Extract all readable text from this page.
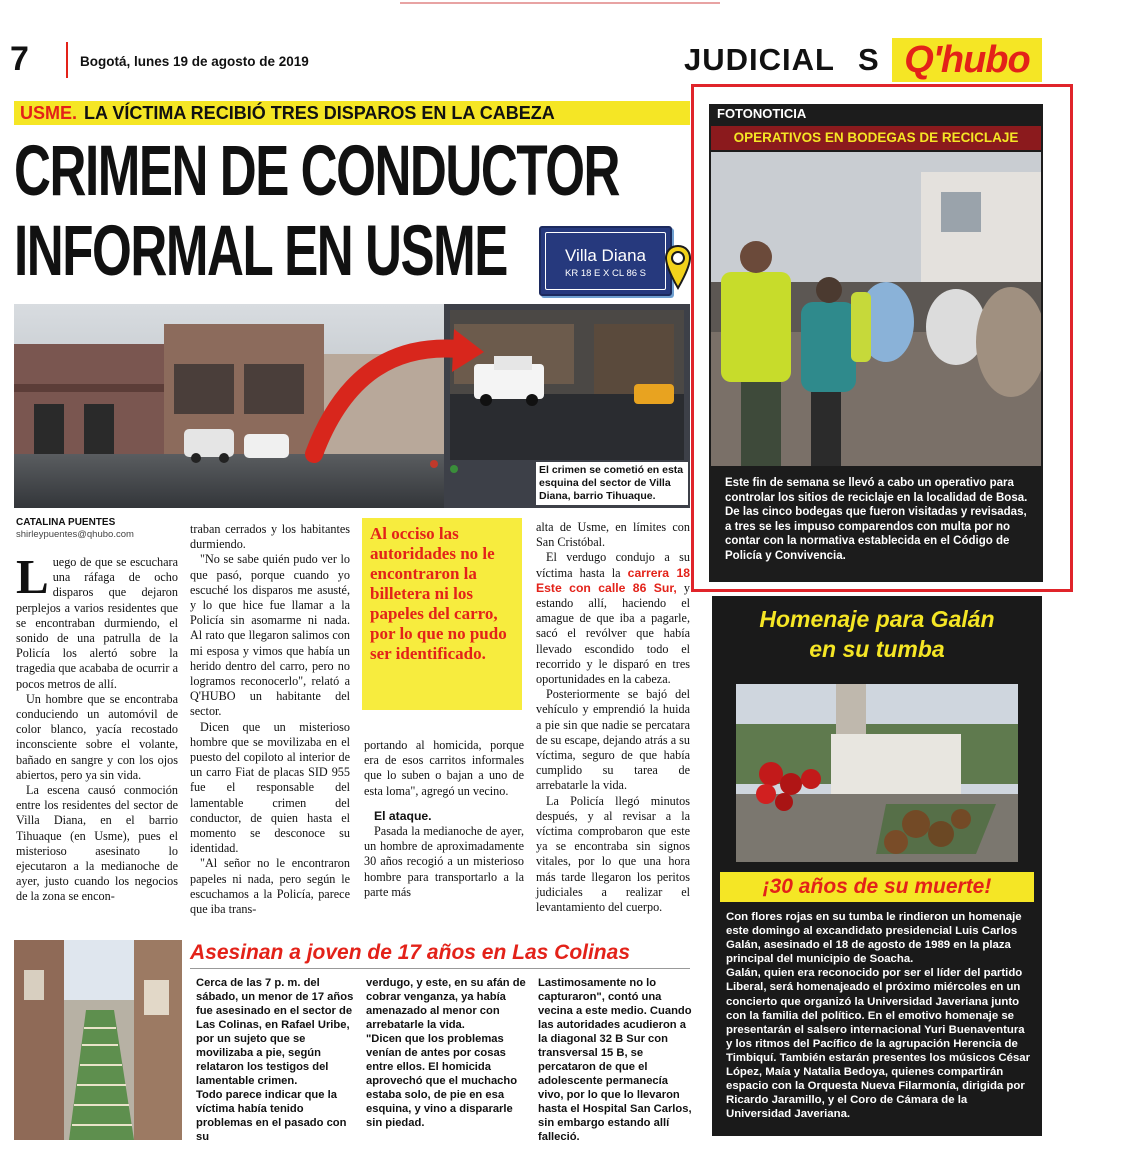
7	Bogotá, lunes 19 de agosto de 2019	JUDICIAL S Q'hubo
USME. LA VÍCTIMA RECIBIÓ TRES DISPAROS EN LA CABEZA
CRIMEN DE CONDUCTOR
INFORMAL EN USME	Villa Diana
KR 18 E X CL 86 S
El crimen se cometió en esta esquina del sector de Villa Diana, barrio Tihuaque.
CATALINA PUENTES
shirleypuentes@qhubo.com
L uego de que se escuchara una ráfaga de ocho disparos que dejaron perplejos a varios residentes que se encontraban durmiendo, el sonido de una patrulla de la Policía los alertó sobre la tragedia que acababa de ocurrir a pocos metros de allí.

Un hombre que se encontraba conduciendo un automóvil de color blanco, yacía recostado inconsciente sobre el volante, bañado en sangre y con los ojos abiertos, pero ya sin vida.

La escena causó conmoción entre los residentes del sector de Villa Diana, en el barrio Tihuaque (en Usme), pues el misterioso asesinato lo ejecutaron a la medianoche de ayer, justo cuando los negocios de la zona se encon-

traban cerrados y los habitantes durmiendo.

"No se sabe quién pudo ver lo que pasó, porque cuando yo escuché los disparos me asusté, y lo que hice fue llamar a la Policía sin asomarme ni nada. Al rato que llegaron salimos con mi esposa y vimos que había un herido dentro del carro, pero no logramos reconocerlo", relató a Q'HUBO un habitante del sector.

Dicen que un misterioso hombre que se movilizaba en el puesto del copiloto al interior de un carro Fiat de placas SID 955 fue el responsable del lamentable crimen del conductor, de quien hasta el momento se desconoce su identidad.

"Al señor no le encontraron papeles ni nada, pero según le escuchamos a la Policía, parece que iba trans-

Al occiso las autoridades no le encontraron la billetera ni los papeles del carro, por lo que no pudo ser identificado.

portando al homicida, porque era de esos carritos informales que lo suben o bajan a uno de esta loma", agregó un vecino.

El ataque.

Pasada la medianoche de ayer, un hombre de aproximadamente 30 años recogió a un misterioso hombre para transportarlo a la parte más

alta de Usme, en límites con San Cristóbal.

El verdugo condujo a su víctima hasta la carrera 18 Este con calle 86 Sur, y estando allí, haciendo el amague de que iba a pagarle, sacó el revólver que había llevado escondido todo el recorrido y le disparó en tres oportunidades en la cabeza.

Posteriormente se bajó del vehículo y emprendió la huida a pie sin que nadie se percatara de su escape, dejando atrás a su víctima, seguro de que había cumplido su tarea de arrebatarle la vida.

La Policía llegó minutos después, y al revisar a la víctima comprobaron que este ya se encontraba sin signos vitales, por lo que una hora más tarde llegaron los peritos judiciales a realizar el levantamiento del cuerpo.

FOTONOTICIA
OPERATIVOS EN BODEGAS DE RECICLAJE
Este fin de semana se llevó a cabo un operativo para controlar los sitios de reciclaje en la localidad de Bosa. De las cinco bodegas que fueron visitadas y revisadas, a tres se les impuso comparendos con multa por no contar con la normativa establecida en el Código de Policía y Convivencia.
Homenaje para Galán
en su tumba
¡30 años de su muerte!

Con flores rojas en su tumba le rindieron un homenaje este domingo al excandidato presidencial Luis Carlos Galán, asesinado el 18 de agosto de 1989 en la plaza principal del municipio de Soacha.

Galán, quien era reconocido por ser el líder del partido Liberal, será homenajeado el próximo miércoles en un concierto que organizó la Universidad Javeriana junto con la familia del político. En el emotivo homenaje se presentarán el salsero internacional Yuri Buenaventura y los ritmos del Pacífico de la agrupación Herencia de Timbiquí. También estarán presentes los músicos César López, Maía y Natalia Bedoya, quienes compartirán espacio con la Orquesta Nueva Filarmonía, dirigida por Ricardo Jaramillo, y el Coro de Cámara de la Universidad Javeriana.

Asesinan a joven de 17 años en Las Colinas
Cerca de las 7 p. m. del sábado, un menor de 17 años fue asesinado en el sector de Las Colinas, en Rafael Uribe, por un sujeto que se movilizaba a pie, según relataron los testigos del lamentable crimen.
Todo parece indicar que la víctima había tenido problemas en el pasado con su
verdugo, y este, en su afán de cobrar venganza, ya había amenazado al menor con arrebatarle la vida.
"Dicen que los problemas venían de antes por cosas entre ellos. El homicida aprovechó que el muchacho estaba solo, de pie en esa esquina, y vino a dispararle sin piedad.
Lastimosamente no lo capturaron", contó una vecina a este medio. Cuando las autoridades acudieron a la diagonal 32 B Sur con transversal 15 B, se percataron de que el adolescente permanecía vivo, por lo que lo llevaron hasta el Hospital San Carlos, sin embargo estando allí falleció.
